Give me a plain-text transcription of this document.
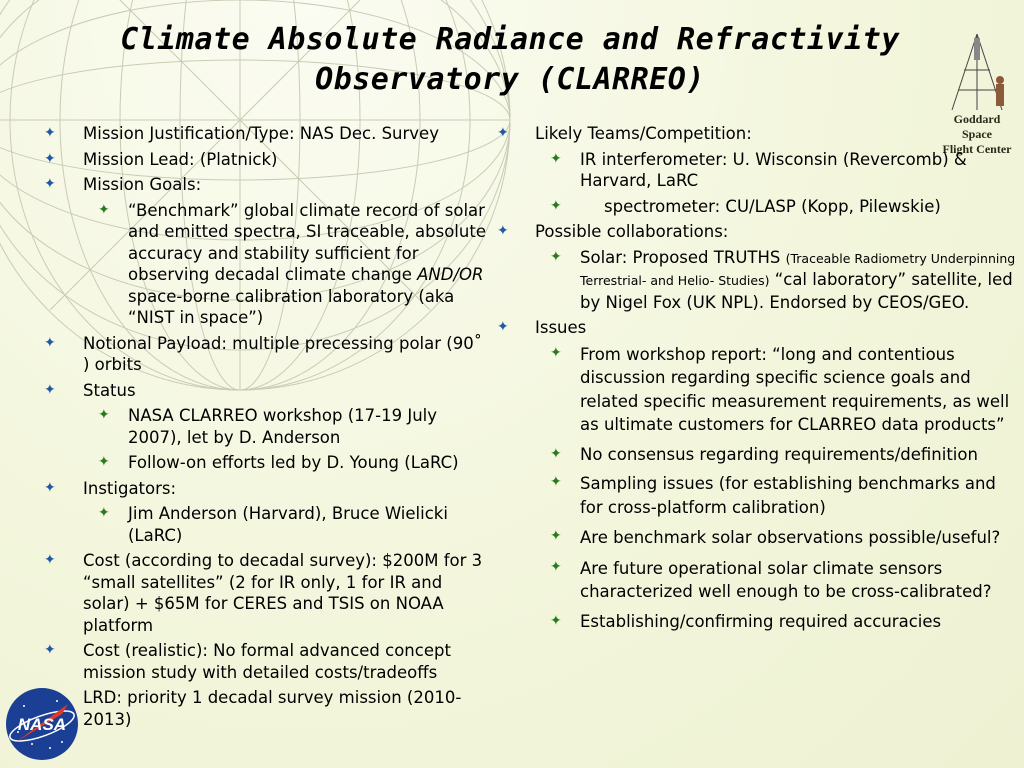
Climate Absolute Radiance and Refractivity
Observatory (CLARREO)
Goddard
Space
Flight Center
✦ Mission Justification/Type: NAS Dec. Survey
✦ Mission Lead: (Platnick)
✦ Mission Goals:
✦ “Benchmark” global climate record of solar and emitted spectra, SI traceable, absolute accuracy and stability sufficient for observing decadal climate change AND/OR space-borne calibration laboratory (aka “NIST in space”)
✦ Notional Payload: multiple precessing polar (90˚ ) orbits
✦ Status
✦ NASA CLARREO workshop (17-19 July 2007), let by D. Anderson
✦ Follow-on efforts led by D. Young (LaRC)
✦ Instigators:
✦ Jim Anderson (Harvard), Bruce Wielicki (LaRC)
✦ Cost (according to decadal survey): $200M for 3 “small satellites” (2 for IR only, 1 for IR and solar) + $65M for CERES and TSIS on NOAA platform
✦ Cost (realistic): No formal advanced concept mission study with detailed costs/tradeoffs
LRD: priority 1 decadal survey mission (2010-2013)
✦ Likely Teams/Competition:
✦ IR interferometer: U. Wisconsin (Revercomb) & Harvard, LaRC
✦	spectrometer: CU/LASP (Kopp, Pilewskie)
✦ Possible collaborations:
✦ Solar: Proposed TRUTHS (Traceable Radiometry Underpinning Terrestrial- and Helio- Studies) “cal laboratory” satellite, led by Nigel Fox (UK NPL). Endorsed by CEOS/GEO.
✦ Issues
✦ From workshop report: “long and contentious discussion regarding specific science goals and related specific measurement requirements, as well as ultimate customers for CLARREO data products”
✦ No consensus regarding requirements/definition
✦ Sampling issues (for establishing benchmarks and for cross-platform calibration)
✦ Are benchmark solar observations possible/useful?
✦ Are future operational solar climate sensors characterized well enough to be cross-calibrated?
✦ Establishing/confirming required accuracies
NASA
